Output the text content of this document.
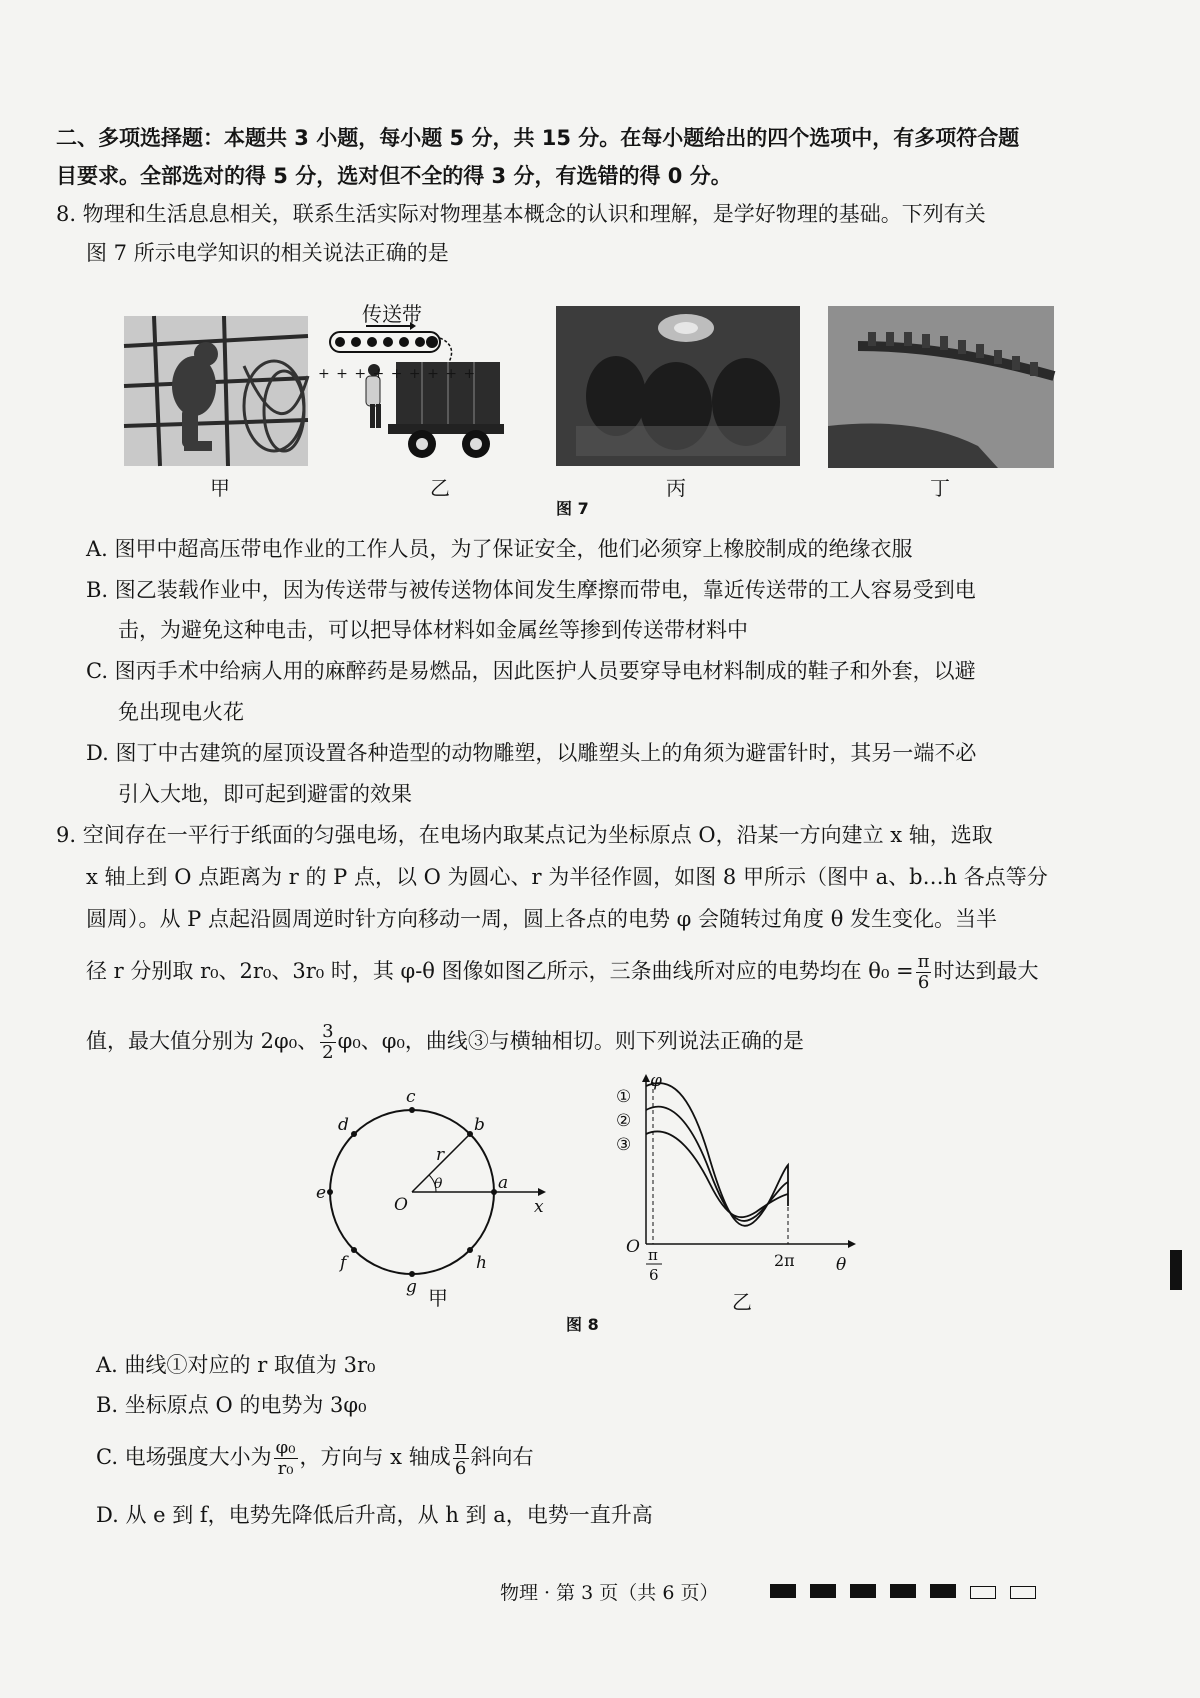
二、多项选择题：本题共 3 小题，每小题 5 分，共 15 分。在每小题给出的四个选项中，有多项符合题
目要求。全部选对的得 5 分，选对但不全的得 3 分，有选错的得 0 分。
8. 物理和生活息息相关，联系生活实际对物理基本概念的认识和理解，是学好物理的基础。下列有关
图 7 所示电学知识的相关说法正确的是
传送带
+ + + + + + + + +
甲	乙	丙	丁
图 7
A. 图甲中超高压带电作业的工作人员，为了保证安全，他们必须穿上橡胶制成的绝缘衣服
B. 图乙装载作业中，因为传送带与被传送物体间发生摩擦而带电，靠近传送带的工人容易受到电
击，为避免这种电击，可以把导体材料如金属丝等掺到传送带材料中
C. 图丙手术中给病人用的麻醉药是易燃品，因此医护人员要穿导电材料制成的鞋子和外套，以避
免出现电火花
D. 图丁中古建筑的屋顶设置各种造型的动物雕塑，以雕塑头上的角须为避雷针时，其另一端不必
引入大地，即可起到避雷的效果
9. 空间存在一平行于纸面的匀强电场，在电场内取某点记为坐标原点 O，沿某一方向建立 x 轴，选取
x 轴上到 O 点距离为 r 的 P 点，以 O 为圆心、r 为半径作圆，如图 8 甲所示（图中 a、b…h 各点等分
圆周）。从 P 点起沿圆周逆时针方向移动一周，圆上各点的电势 φ 会随转过角度 θ 发生变化。当半
径 r 分别取 r₀、2r₀、3r₀ 时，其 φ-θ 图像如图乙所示，三条曲线所对应的电势均在 $\theta_0 = \frac{\pi}{6}$ 时达到最大
值，最大值分别为 2φ₀、 $\frac{3}{2} \varphi_0$、φ₀，曲线③与横轴相切。则下列说法正确的是
a
b
c
d
e
f
g
h
O	x
r
θ
甲
①
②
③
φ
O
θ
π
6
2π
乙
图 8
A. 曲线①对应的 r 取值为 3r₀
B. 坐标原点 O 的电势为 3φ₀
C. 电场强度大小为 $\frac{\text{φ₀}}{\text{r₀}}$ ，方向与 x 轴成 $\frac{\pi}{6}$ 斜向右
D. 从 e 到 f，电势先降低后升高，从 h 到 a，电势一直升高
物理 · 第 3 页（共 6 页）
